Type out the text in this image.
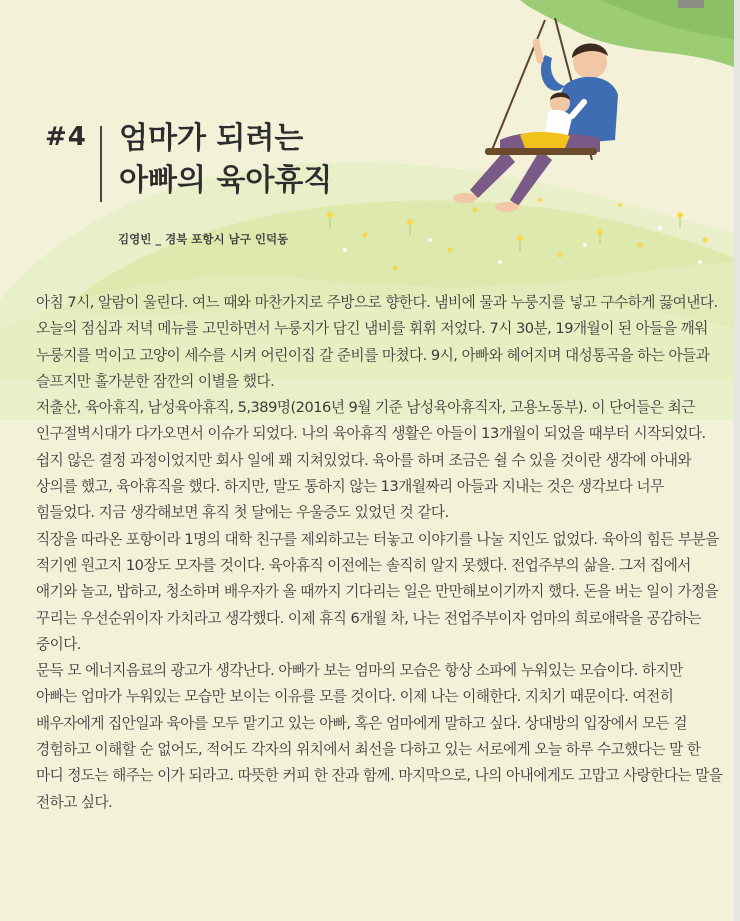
#4 엄마가 되려는
아빠의 육아휴직
김영빈 _ 경북 포항시 남구 인덕동

아침 7시, 알람이 울린다. 여느 때와 마찬가지로 주방으로 향한다. 냄비에 물과 누룽지를 넣고 구수하게 끓여낸다. 오늘의 점심과 저녁 메뉴를 고민하면서 누룽지가 담긴 냄비를 휘휘 저었다. 7시 30분, 19개월이 된 아들을 깨워 누룽지를 먹이고 고양이 세수를 시켜 어린이집 갈 준비를 마쳤다. 9시, 아빠와 헤어지며 대성통곡을 하는 아들과 슬프지만 홀가분한 잠깐의 이별을 했다.

저출산, 육아휴직, 남성육아휴직, 5,389명(2016년 9월 기준 남성육아휴직자, 고용노동부). 이 단어들은 최근 인구절벽시대가 다가오면서 이슈가 되었다. 나의 육아휴직 생활은 아들이 13개월이 되었을 때부터 시작되었다. 쉽지 않은 결정 과정이었지만 회사 일에 꽤 지쳐있었다. 육아를 하며 조금은 쉴 수 있을 것이란 생각에 아내와 상의를 했고, 육아휴직을 했다. 하지만, 말도 통하지 않는 13개월짜리 아들과 지내는 것은 생각보다 너무 힘들었다. 지금 생각해보면 휴직 첫 달에는 우울증도 있었던 것 같다.

직장을 따라온 포항이라 1명의 대학 친구를 제외하고는 터놓고 이야기를 나눌 지인도 없었다. 육아의 힘든 부분을 적기엔 원고지 10장도 모자를 것이다. 육아휴직 이전에는 솔직히 알지 못했다. 전업주부의 삶을. 그저 집에서 애기와 놀고, 밥하고, 청소하며 배우자가 올 때까지 기다리는 일은 만만해보이기까지 했다. 돈을 버는 일이 가정을 꾸리는 우선순위이자 가치라고 생각했다. 이제 휴직 6개월 차, 나는 전업주부이자 엄마의 희로애락을 공감하는 중이다.

문득 모 에너지음료의 광고가 생각난다. 아빠가 보는 엄마의 모습은 항상 소파에 누워있는 모습이다. 하지만 아빠는 엄마가 누워있는 모습만 보이는 이유를 모를 것이다. 이제 나는 이해한다. 지치기 때문이다. 여전히 배우자에게 집안일과 육아를 모두 맡기고 있는 아빠, 혹은 엄마에게 말하고 싶다. 상대방의 입장에서 모든 걸 경험하고 이해할 순 없어도, 적어도 각자의 위치에서 최선을 다하고 있는 서로에게 오늘 하루 수고했다는 말 한 마디 정도는 해주는 이가 되라고. 따뜻한 커피 한 잔과 함께. 마지막으로, 나의 아내에게도 고맙고 사랑한다는 말을 전하고 싶다.
